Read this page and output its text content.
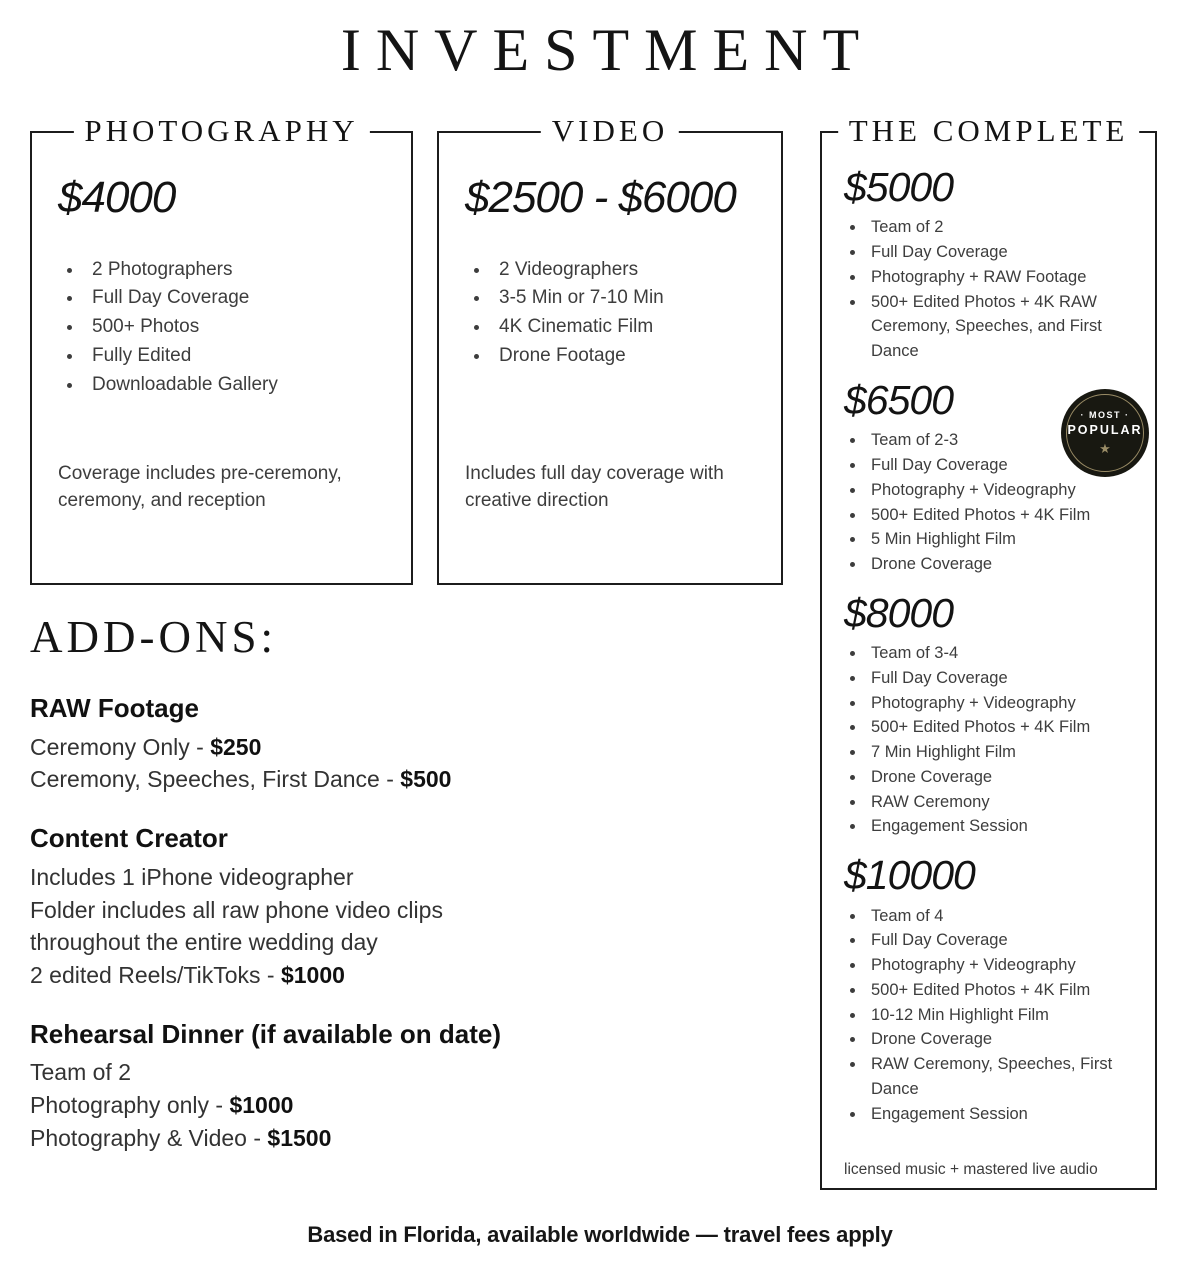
INVESTMENT
PHOTOGRAPHY
$4000
• 2 Photographers
• Full Day Coverage
• 500+ Photos
• Fully Edited
• Downloadable Gallery

Coverage includes pre-ceremony, ceremony, and reception

VIDEO
$2500 - $6000
• 2 Videographers
• 3-5 Min or 7-10 Min
• 4K Cinematic Film
• Drone Footage

Includes full day coverage with creative direction

THE COMPLETE
$5000
• Team of 2
• Full Day Coverage
• Photography + RAW Footage
• 500+ Edited Photos + 4K RAW Ceremony, Speeches, and First Dance
$6500
• Team of 2-3
• Full Day Coverage
• Photography + Videography
• 500+ Edited Photos + 4K Film
• 5 Min Highlight Film
• Drone Coverage
$8000
• Team of 3-4
• Full Day Coverage
• Photography + Videography
• 500+ Edited Photos + 4K Film
• 7 Min Highlight Film
• Drone Coverage
• RAW Ceremony
• Engagement Session
$10000
• Team of 4
• Full Day Coverage
• Photography + Videography
• 500+ Edited Photos + 4K Film
• 10-12 Min Highlight Film
• Drone Coverage
• RAW Ceremony, Speeches, First Dance
• Engagement Session
· MOST ·
POPULAR
★

licensed music + mastered live audio

ADD-ONS:
RAW Footage

Ceremony Only - $250

Ceremony, Speeches, First Dance - $500

Content Creator

Includes 1 iPhone videographer

Folder includes all raw phone video clips

throughout the entire wedding day

2 edited Reels/TikToks - $1000

Rehearsal Dinner (if available on date)

Team of 2

Photography only - $1000

Photography & Video - $1500

Based in Florida, available worldwide — travel fees apply
